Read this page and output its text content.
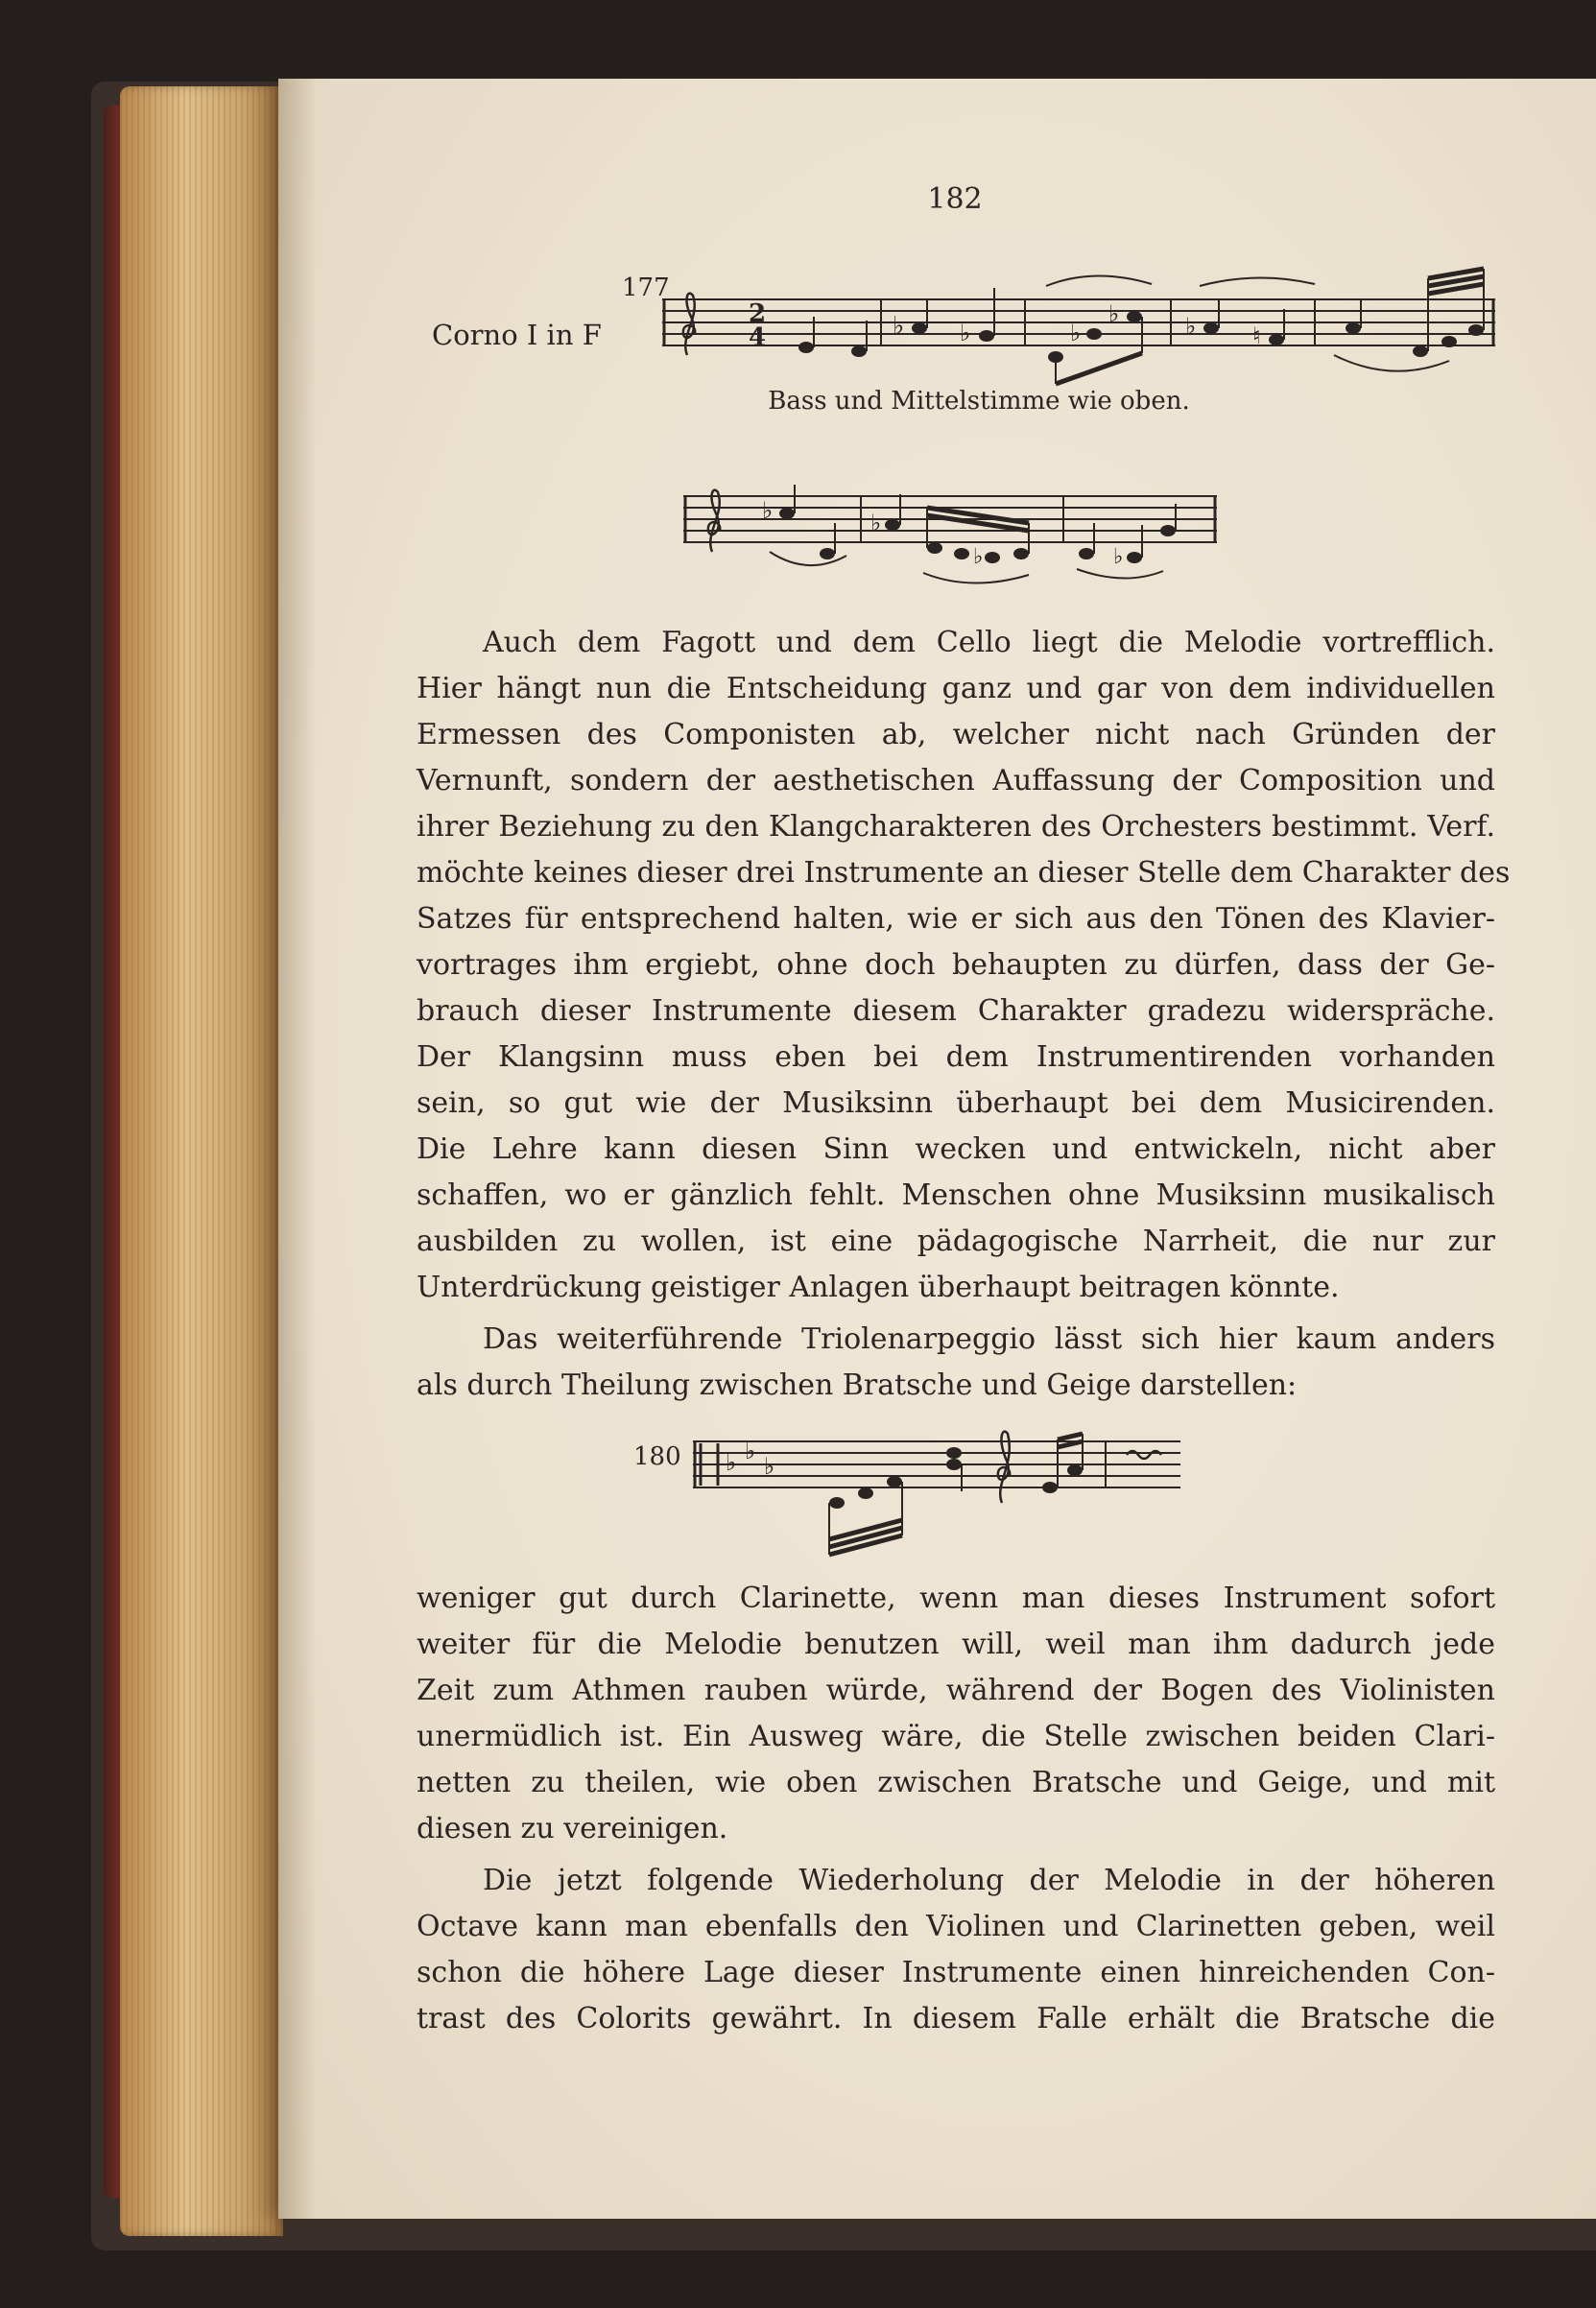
182
177
Corno I in F
2
4	♭ ♭	♭
♭	♭ ♮
Bass und Mittelstimme wie oben.
♭	♭
♭	♭
Auch dem Fagott und dem Cello liegt die Melodie vortrefflich.
Hier hängt nun die Entscheidung ganz und gar von dem individuellen
Ermessen des Componisten ab, welcher nicht nach Gründen der
Vernunft, sondern der aesthetischen Auffassung der Composition und
ihrer Beziehung zu den Klangcharakteren des Orchesters bestimmt. Verf.
möchte keines dieser drei Instrumente an dieser Stelle dem Charakter des
Satzes für entsprechend halten, wie er sich aus den Tönen des Klavier-
vortrages ihm ergiebt, ohne doch behaupten zu dürfen, dass der Ge-
brauch dieser Instrumente diesem Charakter gradezu widerspräche.
Der Klangsinn muss eben bei dem Instrumentirenden vorhanden
sein, so gut wie der Musiksinn überhaupt bei dem Musicirenden.
Die Lehre kann diesen Sinn wecken und entwickeln, nicht aber
schaffen, wo er gänzlich fehlt. Menschen ohne Musiksinn musikalisch
ausbilden zu wollen, ist eine pädagogische Narrheit, die nur zur
Unterdrückung geistiger Anlagen überhaupt beitragen könnte.
Das weiterführende Triolenarpeggio lässt sich hier kaum anders
als durch Theilung zwischen Bratsche und Geige darstellen:
180 ♭ ♭
♭
weniger gut durch Clarinette, wenn man dieses Instrument sofort
weiter für die Melodie benutzen will, weil man ihm dadurch jede
Zeit zum Athmen rauben würde, während der Bogen des Violinisten
unermüdlich ist. Ein Ausweg wäre, die Stelle zwischen beiden Clari-
netten zu theilen, wie oben zwischen Bratsche und Geige, und mit
diesen zu vereinigen.
Die jetzt folgende Wiederholung der Melodie in der höheren
Octave kann man ebenfalls den Violinen und Clarinetten geben, weil
schon die höhere Lage dieser Instrumente einen hinreichenden Con-
trast des Colorits gewährt. In diesem Falle erhält die Bratsche die
